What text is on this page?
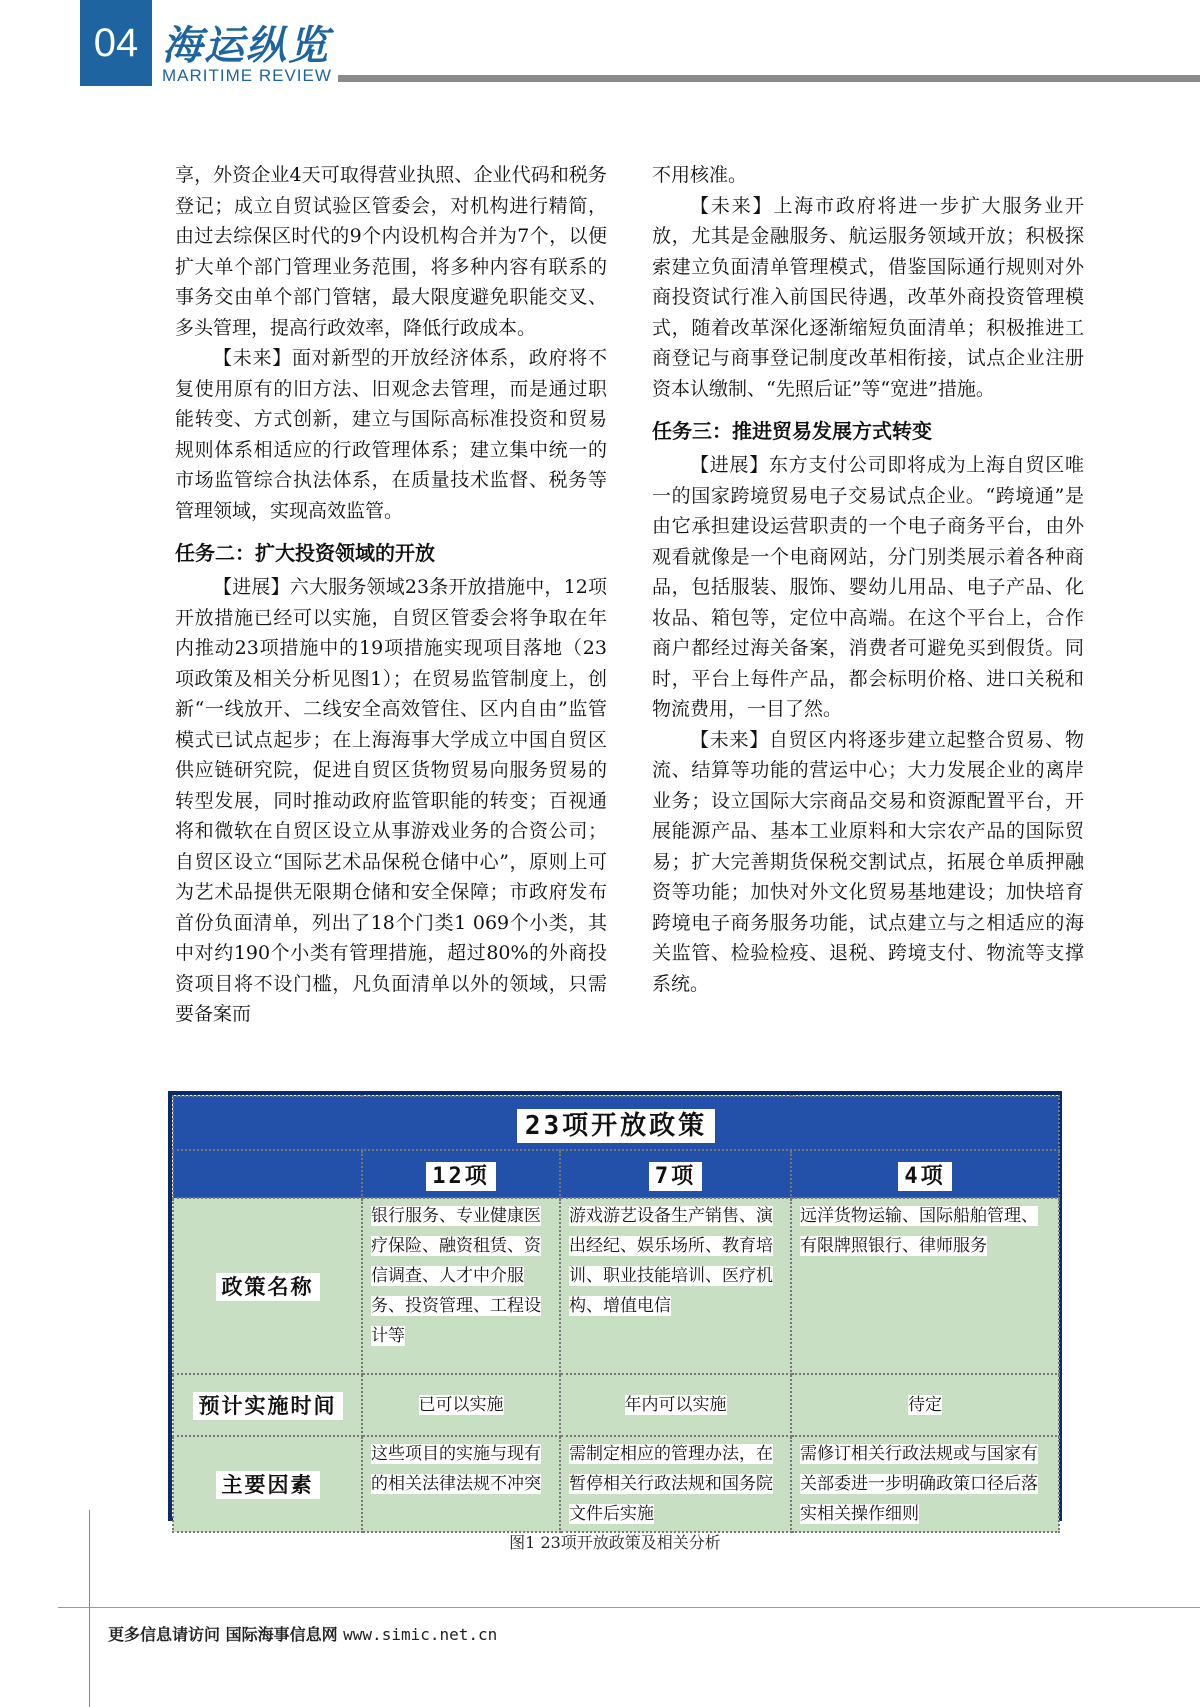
04 海运纵览
MARITIME REVIEW

享，外资企业4天可取得营业执照、企业代码和税务登记；成立自贸试验区管委会，对机构进行精简，由过去综保区时代的9个内设机构合并为7个，以便扩大单个部门管理业务范围，将多种内容有联系的事务交由单个部门管辖，最大限度避免职能交叉、多头管理，提高行政效率，降低行政成本。

【未来】面对新型的开放经济体系，政府将不复使用原有的旧方法、旧观念去管理，而是通过职能转变、方式创新，建立与国际高标准投资和贸易规则体系相适应的行政管理体系；建立集中统一的市场监管综合执法体系，在质量技术监督、税务等管理领域，实现高效监管。

任务二：扩大投资领域的开放

【进展】六大服务领域23条开放措施中，12项开放措施已经可以实施，自贸区管委会将争取在年内推动23项措施中的19项措施实现项目落地（23项政策及相关分析见图1）；在贸易监管制度上，创新“一线放开、二线安全高效管住、区内自由”监管模式已试点起步；在上海海事大学成立中国自贸区供应链研究院，促进自贸区货物贸易向服务贸易的转型发展，同时推动政府监管职能的转变；百视通将和微软在自贸区设立从事游戏业务的合资公司；自贸区设立“国际艺术品保税仓储中心”，原则上可为艺术品提供无限期仓储和安全保障；市政府发布首份负面清单，列出了18个门类1 069个小类，其中对约190个小类有管理措施，超过80%的外商投资项目将不设门槛，凡负面清单以外的领域，只需要备案而

不用核准。

【未来】上海市政府将进一步扩大服务业开放，尤其是金融服务、航运服务领域开放；积极探索建立负面清单管理模式，借鉴国际通行规则对外商投资试行准入前国民待遇，改革外商投资管理模式，随着改革深化逐渐缩短负面清单；积极推进工商登记与商事登记制度改革相衔接，试点企业注册资本认缴制、“先照后证”等“宽进”措施。

任务三：推进贸易发展方式转变

【进展】东方支付公司即将成为上海自贸区唯一的国家跨境贸易电子交易试点企业。“跨境通”是由它承担建设运营职责的一个电子商务平台，由外观看就像是一个电商网站，分门别类展示着各种商品，包括服装、服饰、婴幼儿用品、电子产品、化妆品、箱包等，定位中高端。在这个平台上，合作商户都经过海关备案，消费者可避免买到假货。同时，平台上每件产品，都会标明价格、进口关税和物流费用，一目了然。

【未来】自贸区内将逐步建立起整合贸易、物流、结算等功能的营运中心；大力发展企业的离岸业务；设立国际大宗商品交易和资源配置平台，开展能源产品、基本工业原料和大宗农产品的国际贸易；扩大完善期货保税交割试点，拓展仓单质押融资等功能；加快对外文化贸易基地建设；加快培育跨境电子商务服务功能，试点建立与之相适应的海关监管、检验检疫、退税、跨境支付、物流等支撑系统。

23项开放政策			
	12项	7项	4项
政策名称	银行服务、专业健康医疗保险、融资租赁、资信调查、人才中介服务、投资管理、工程设计等	游戏游艺设备生产销售、演出经纪、娱乐场所、教育培训、职业技能培训、医疗机构、增值电信	远洋货物运输、国际船舶管理、有限牌照银行、律师服务
预计实施时间	已可以实施	年内可以实施	待定
主要因素	这些项目的实施与现有的相关法律法规不冲突	需制定相应的管理办法，在暂停相关行政法规和国务院文件后实施	需修订相关行政法规或与国家有关部委进一步明确政策口径后落实相关操作细则
图1 23项开放政策及相关分析
更多信息请访问 国际海事信息网 www.simic.net.cn
